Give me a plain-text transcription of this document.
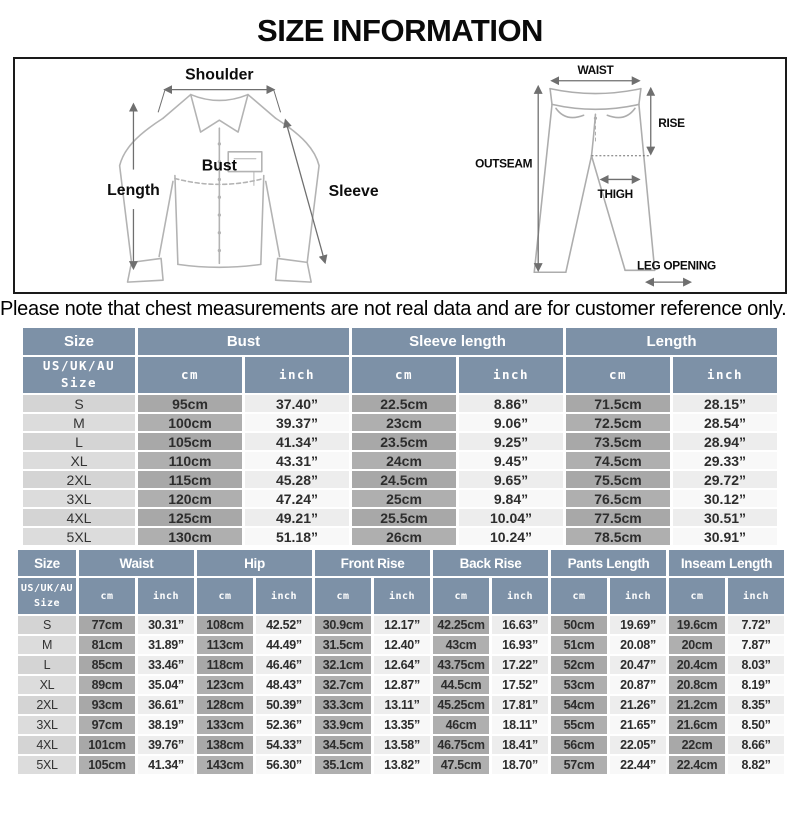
SIZE INFORMATION
Shoulder
Length
Bust
Sleeve
WAIST
RISE
OUTSEAM
THIGH
LEG OPENING

Please note that chest measurements are not real data and are for customer reference only.

Size	Bust		Sleeve length		Length	
US/UK/AU Size	cm	inch	cm	inch	cm	inch
S	95cm	37.40”	22.5cm	8.86”	71.5cm	28.15”
M	100cm	39.37”	23cm	9.06”	72.5cm	28.54”
L	105cm	41.34”	23.5cm	9.25”	73.5cm	28.94”
XL	110cm	43.31”	24cm	9.45”	74.5cm	29.33”
2XL	115cm	45.28”	24.5cm	9.65”	75.5cm	29.72”
3XL	120cm	47.24”	25cm	9.84”	76.5cm	30.12”
4XL	125cm	49.21”	25.5cm	10.04”	77.5cm	30.51”
5XL	130cm	51.18”	26cm	10.24”	78.5cm	30.91”
Size	Waist		Hip		Front Rise		Back Rise		Pants Length		Inseam Length	
US/UK/AU Size	cm	inch	cm	inch	cm	inch	cm	inch	cm	inch	cm	inch
S	77cm	30.31”	108cm	42.52”	30.9cm	12.17”	42.25cm	16.63”	50cm	19.69”	19.6cm	7.72”
M	81cm	31.89”	113cm	44.49”	31.5cm	12.40”	43cm	16.93”	51cm	20.08”	20cm	7.87”
L	85cm	33.46”	118cm	46.46”	32.1cm	12.64”	43.75cm	17.22”	52cm	20.47”	20.4cm	8.03”
XL	89cm	35.04”	123cm	48.43”	32.7cm	12.87”	44.5cm	17.52”	53cm	20.87”	20.8cm	8.19”
2XL	93cm	36.61”	128cm	50.39”	33.3cm	13.11”	45.25cm	17.81”	54cm	21.26”	21.2cm	8.35”
3XL	97cm	38.19”	133cm	52.36”	33.9cm	13.35”	46cm	18.11”	55cm	21.65”	21.6cm	8.50”
4XL	101cm	39.76”	138cm	54.33”	34.5cm	13.58”	46.75cm	18.41”	56cm	22.05”	22cm	8.66”
5XL	105cm	41.34”	143cm	56.30”	35.1cm	13.82”	47.5cm	18.70”	57cm	22.44”	22.4cm	8.82”
